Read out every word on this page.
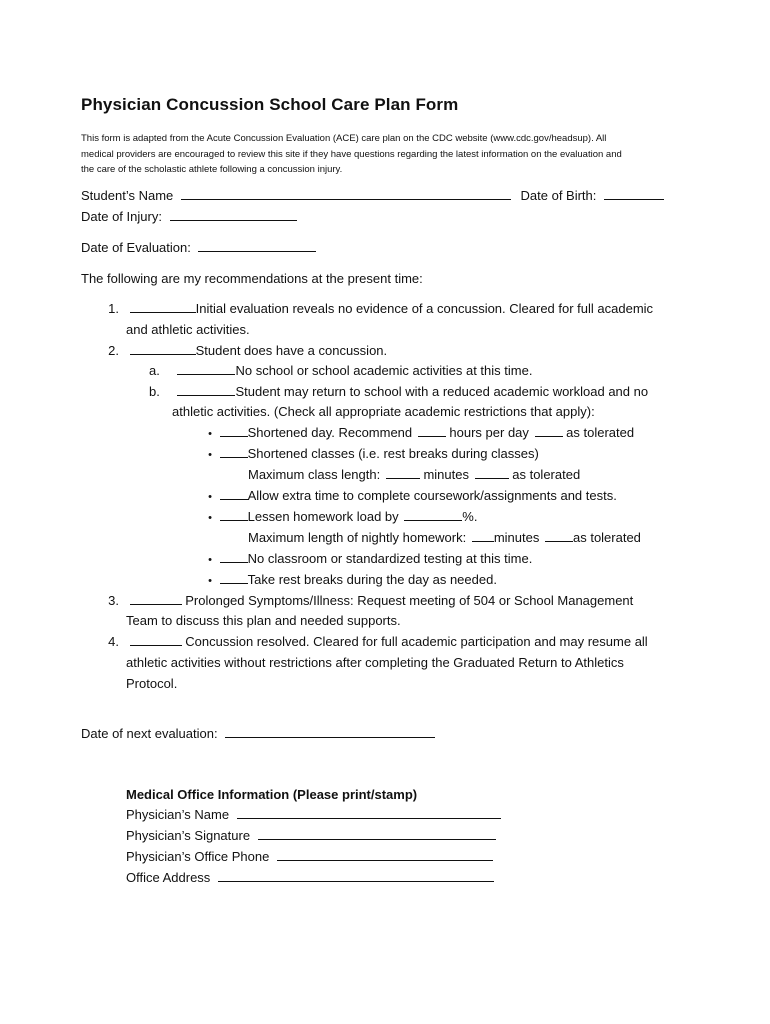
Physician Concussion School Care Plan Form
This form is adapted from the Acute Concussion Evaluation (ACE) care plan on the CDC website (www.cdc.gov/headsup). All
medical providers are encouraged to review this site if they have questions regarding the latest information on the evaluation and
the care of the scholastic athlete following a concussion injury.
Student’s Name	Date of Birth:
Date of Injury:
Date of Evaluation:
The following are my recommendations at the present time:
1.	Initial evaluation reveals no evidence of a concussion. Cleared for full academic
and athletic activities.
2.	Student does have a concussion.
a.	No school or school academic activities at this time.
b.	Student may return to school with a reduced academic workload and no
athletic activities. (Check all appropriate academic restrictions that apply):
•	Shortened day. Recommend	hours per day	as tolerated
•	Shortened classes (i.e. rest breaks during classes)
Maximum class length:	minutes	as tolerated
•	Allow extra time to complete coursework/assignments and tests.
•	Lessen homework load by	%.
Maximum length of nightly homework: minutes	as tolerated
•	No classroom or standardized testing at this time.
•	Take rest breaks during the day as needed.
3.	Prolonged Symptoms/Illness: Request meeting of 504 or School Management
Team to discuss this plan and needed supports.
4.	Concussion resolved. Cleared for full academic participation and may resume all
athletic activities without restrictions after completing the Graduated Return to Athletics
Protocol.
Date of next evaluation:
Medical Office Information (Please print/stamp)
Physician’s Name
Physician’s Signature
Physician’s Office Phone
Office Address
